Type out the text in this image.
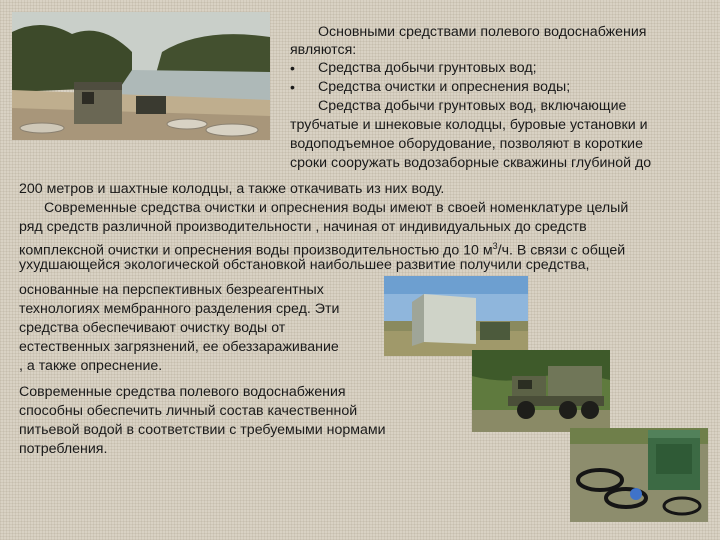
Основными средствами полевого водоснабжения
являются:
• Средства добычи грунтовых вод;
• Средства очистки и опреснения воды;
Средства добычи грунтовых вод, включающие
трубчатые и шнековые колодцы, буровые установки и
водоподъемное оборудование, позволяют в короткие
сроки сооружать водозаборные скважины глубиной до
200 метров и шахтные колодцы, а также откачивать из них воду.
Современные средства очистки и опреснения воды имеют в своей номенклатуре целый
ряд средств различной производительности , начиная от индивидуальных до средств
комплексной очистки и опреснения воды производительностью до 10 $м^3/ч$. В связи с общей
ухудшающейся экологической обстановкой наибольшее развитие получили средства,
основанные на перспективных безреагентных
технологиях мембранного разделения сред. Эти
средства обеспечивают очистку воды от
естественных загрязнений, ее обеззараживание
, а также опреснение.
Современные средства полевого водоснабжения
способны обеспечить личный состав качественной
питьевой водой в соответствии с требуемыми нормами
потребления.
